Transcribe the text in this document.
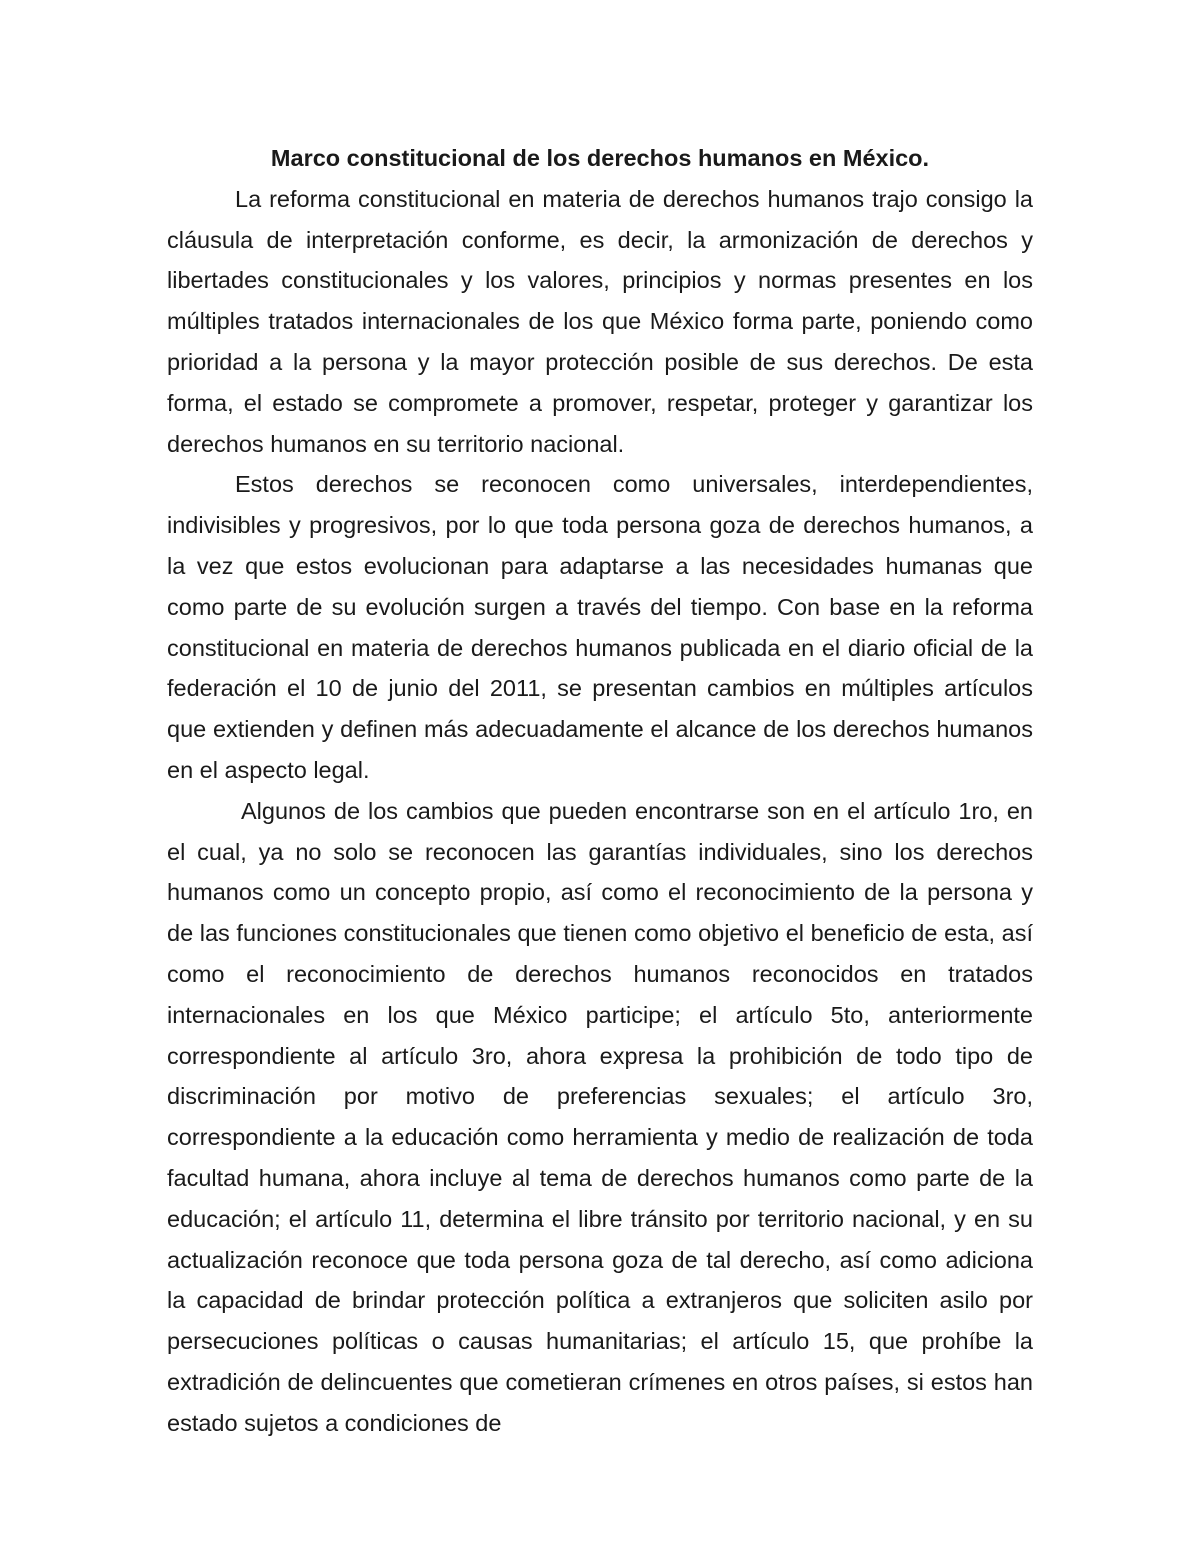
Marco constitucional de los derechos humanos en México.

La reforma constitucional en materia de derechos humanos trajo consigo la cláusula de interpretación conforme, es decir, la armonización de derechos y libertades constitucionales y los valores, principios y normas presentes en los múltiples tratados internacionales de los que México forma parte, poniendo como prioridad a la persona y la mayor protección posible de sus derechos. De esta forma, el estado se compromete a promover, respetar, proteger y garantizar los derechos humanos en su territorio nacional.

Estos derechos se reconocen como universales, interdependientes, indivisibles y progresivos, por lo que toda persona goza de derechos humanos, a la vez que estos evolucionan para adaptarse a las necesidades humanas que como parte de su evolución surgen a través del tiempo. Con base en la reforma constitucional en materia de derechos humanos publicada en el diario oficial de la federación el 10 de junio del 2011, se presentan cambios en múltiples artículos que extienden y definen más adecuadamente el alcance de los derechos humanos en el aspecto legal.

Algunos de los cambios que pueden encontrarse son en el artículo 1ro, en el cual, ya no solo se reconocen las garantías individuales, sino los derechos humanos como un concepto propio, así como el reconocimiento de la persona y de las funciones constitucionales que tienen como objetivo el beneficio de esta, así como el reconocimiento de derechos humanos reconocidos en tratados internacionales en los que México participe; el artículo 5to, anteriormente correspondiente al artículo 3ro, ahora expresa la prohibición de todo tipo de discriminación por motivo de preferencias sexuales; el artículo 3ro, correspondiente a la educación como herramienta y medio de realización de toda facultad humana, ahora incluye al tema de derechos humanos como parte de la educación; el artículo 11, determina el libre tránsito por territorio nacional, y en su actualización reconoce que toda persona goza de tal derecho, así como adiciona la capacidad de brindar protección política a extranjeros que soliciten asilo por persecuciones políticas o causas humanitarias; el artículo 15, que prohíbe la extradición de delincuentes que cometieran crímenes en otros países, si estos han estado sujetos a condiciones de
